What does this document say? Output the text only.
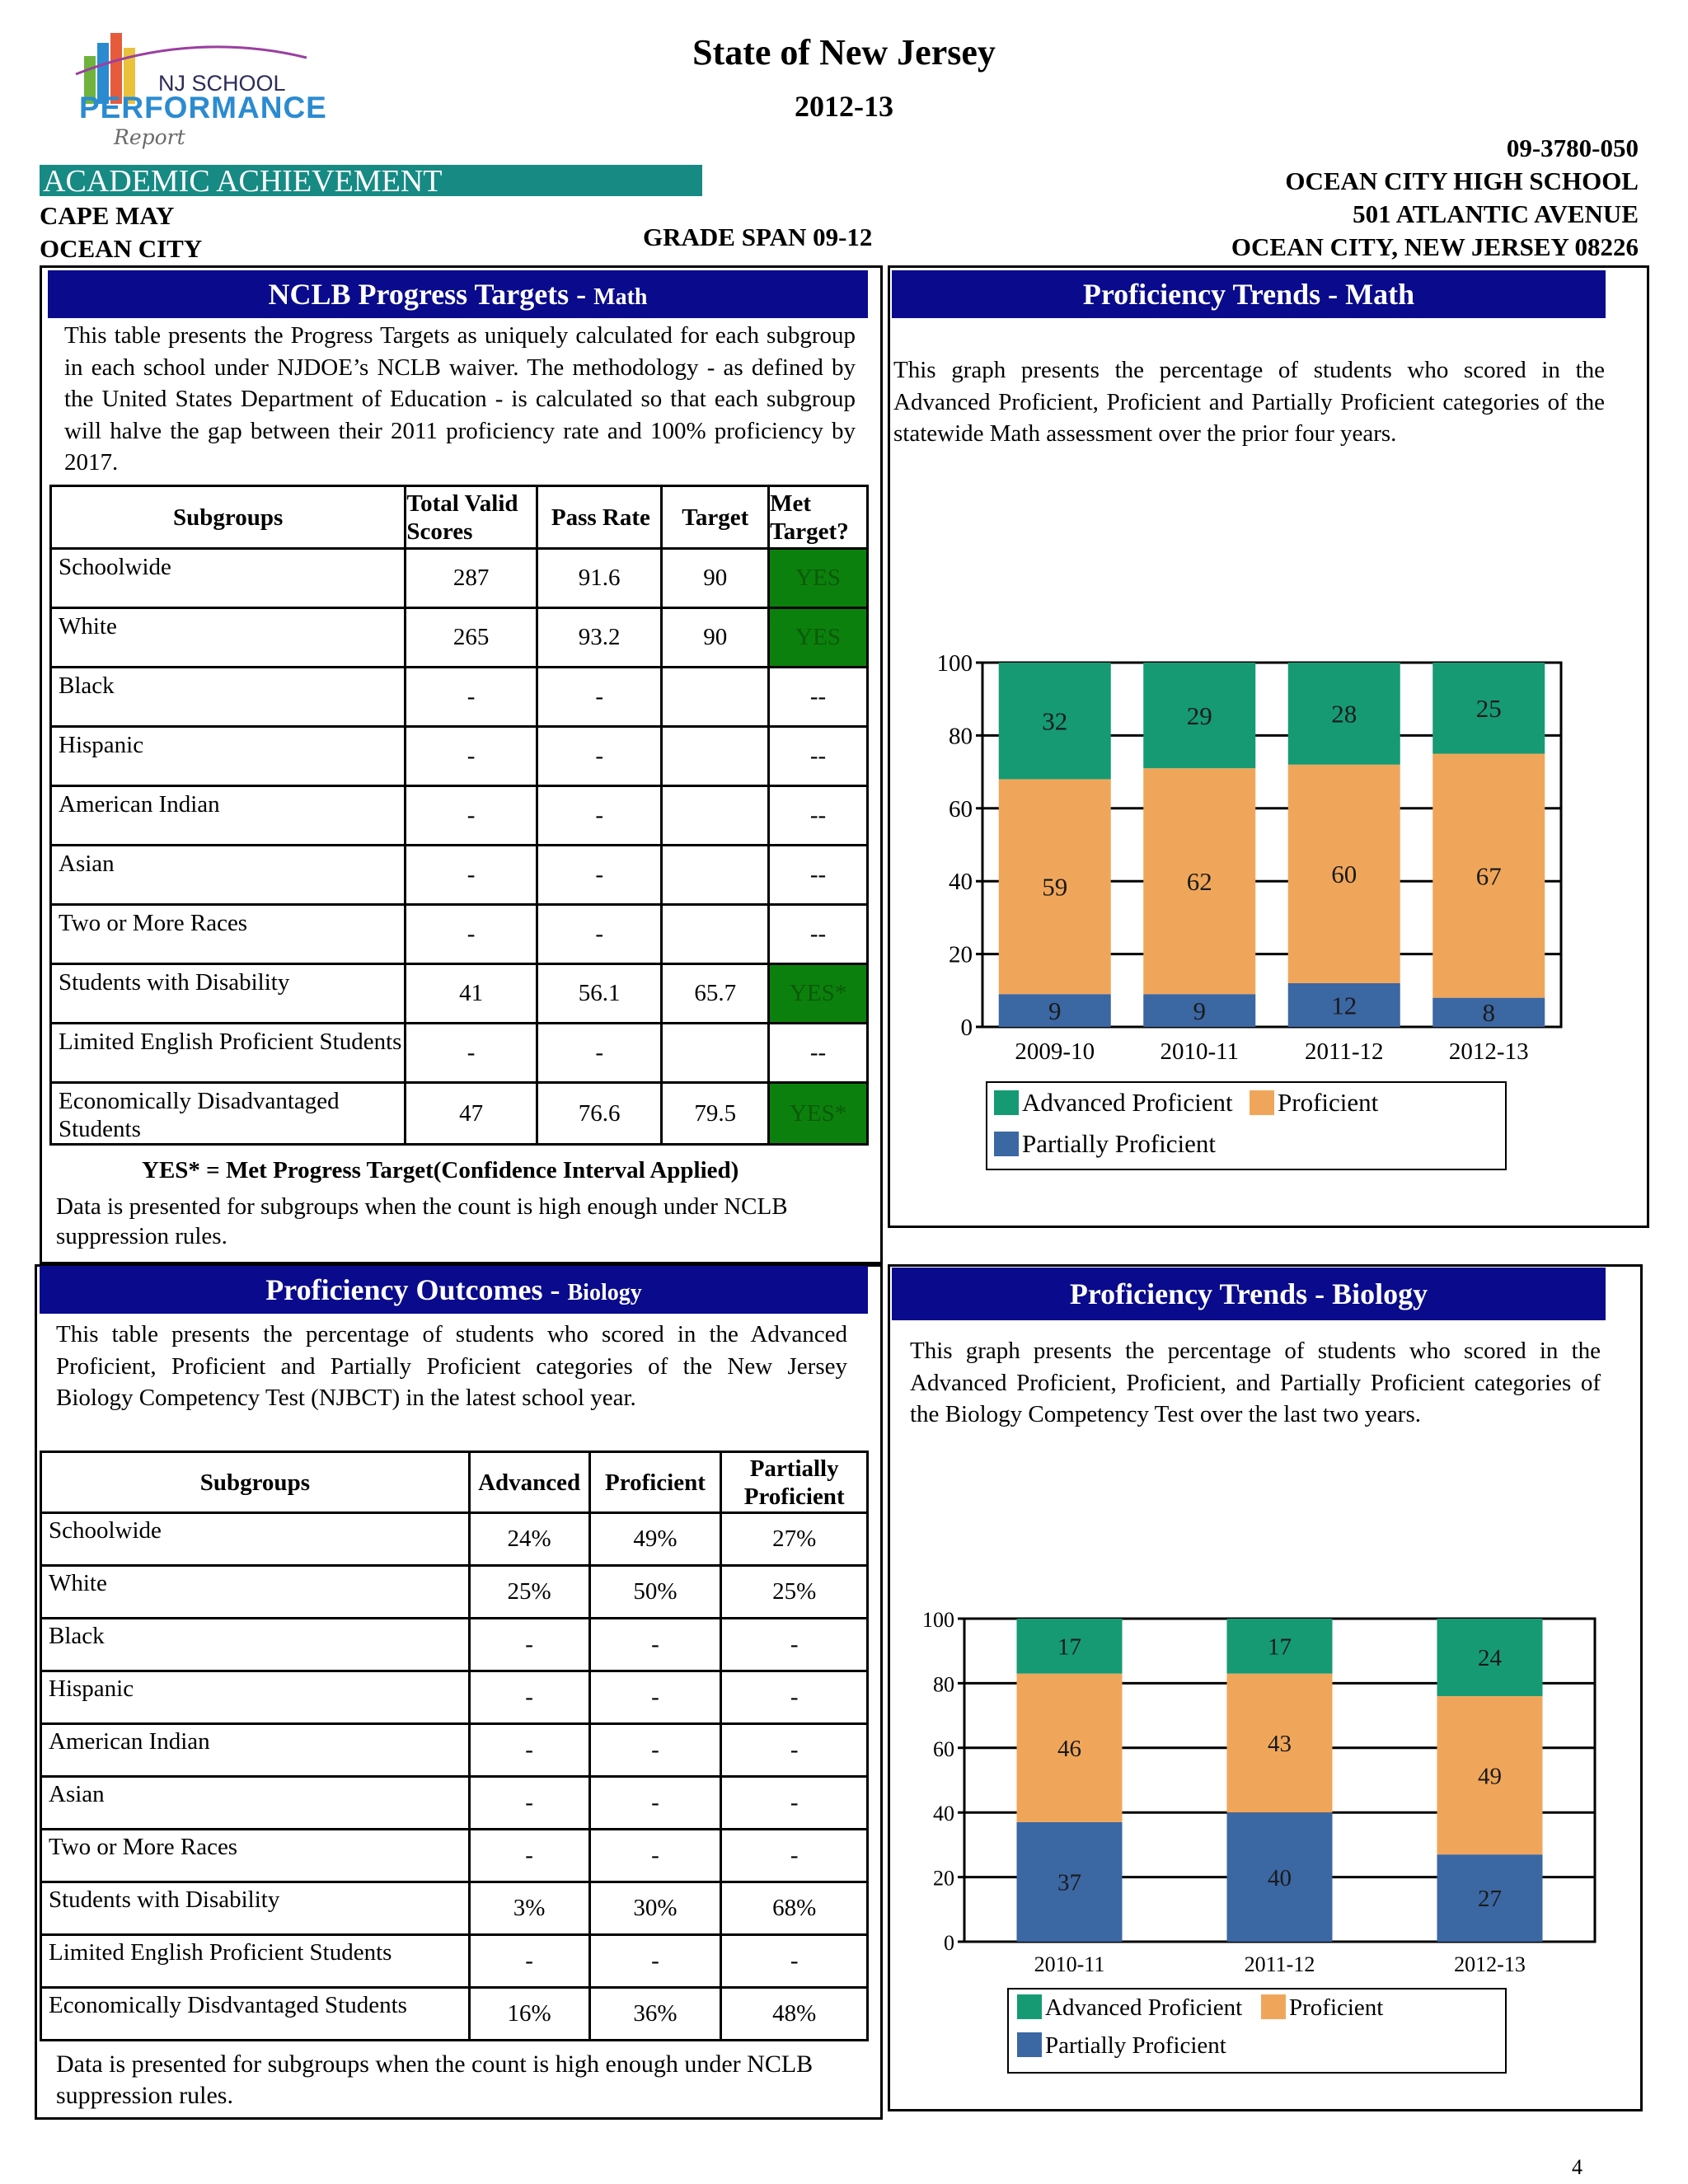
NJ SCHOOL
PERFORMANCE
Report
State of New Jersey
2012-13
ACADEMIC ACHIEVEMENT
CAPE MAY
OCEAN CITY	GRADE SPAN 09-12
09-3780-050
OCEAN CITY HIGH SCHOOL
501 ATLANTIC AVENUE
OCEAN CITY, NEW JERSEY 08226
NCLB Progress Targets - Math
This table presents the Progress Targets as uniquely calculated for each subgroup in each school under NJDOE’s NCLB waiver. The methodology - as defined by the United States Department of Education - is calculated so that each subgroup will halve the gap between their 2011 proficiency rate and 100% proficiency by 2017.
Subgroups	Total Valid Scores	Pass Rate	Target	Met Target?
Schoolwide	287	91.6	90	YES
White	265	93.2	90	YES
Black	-	-		--
Hispanic	-	-		--
American Indian	-	-		--
Asian	-	-		--
Two or More Races	-	-		--
Students with Disability	41	56.1	65.7	YES*
Limited English Proficient Students	-	-		--
Economically Disadvantaged Students	47	76.6	79.5	YES*
YES* = Met Progress Target(Confidence Interval Applied)
Data is presented for subgroups when the count is high enough under NCLB suppression rules.
Proficiency Trends - Math
This graph presents the percentage of students who scored in the Advanced Proficient, Proficient and Partially Proficient categories of the statewide Math assessment over the prior four years.
0
20
40
60
80
100
9
59
32
2009-10
9
62
29
2010-11
12
60
28
2011-12
8
67
25
2012-13
Advanced Proficient	Proficient
Partially Proficient
Proficiency Outcomes - Biology
This table presents the percentage of students who scored in the Advanced Proficient, Proficient and Partially Proficient categories of the New Jersey Biology Competency Test (NJBCT) in the latest school year.
Subgroups	Advanced	Proficient	Partially Proficient
Schoolwide	24%	49%	27%
White	25%	50%	25%
Black	-	-	-
Hispanic	-	-	-
American Indian	-	-	-
Asian	-	-	-
Two or More Races	-	-	-
Students with Disability	3%	30%	68%
Limited English Proficient Students	-	-	-
Economically Disdvantaged Students	16%	36%	48%
Data is presented for subgroups when the count is high enough under NCLB suppression rules.
Proficiency Trends - Biology
This graph presents the percentage of students who scored in the Advanced Proficient, Proficient, and Partially Proficient categories of the Biology Competency Test over the last two years.
0
20
40
60
80
100
37
46
17
2010-11
40
43
17
2011-12
27
49
24
2012-13
Advanced Proficient	Proficient
Partially Proficient
4
